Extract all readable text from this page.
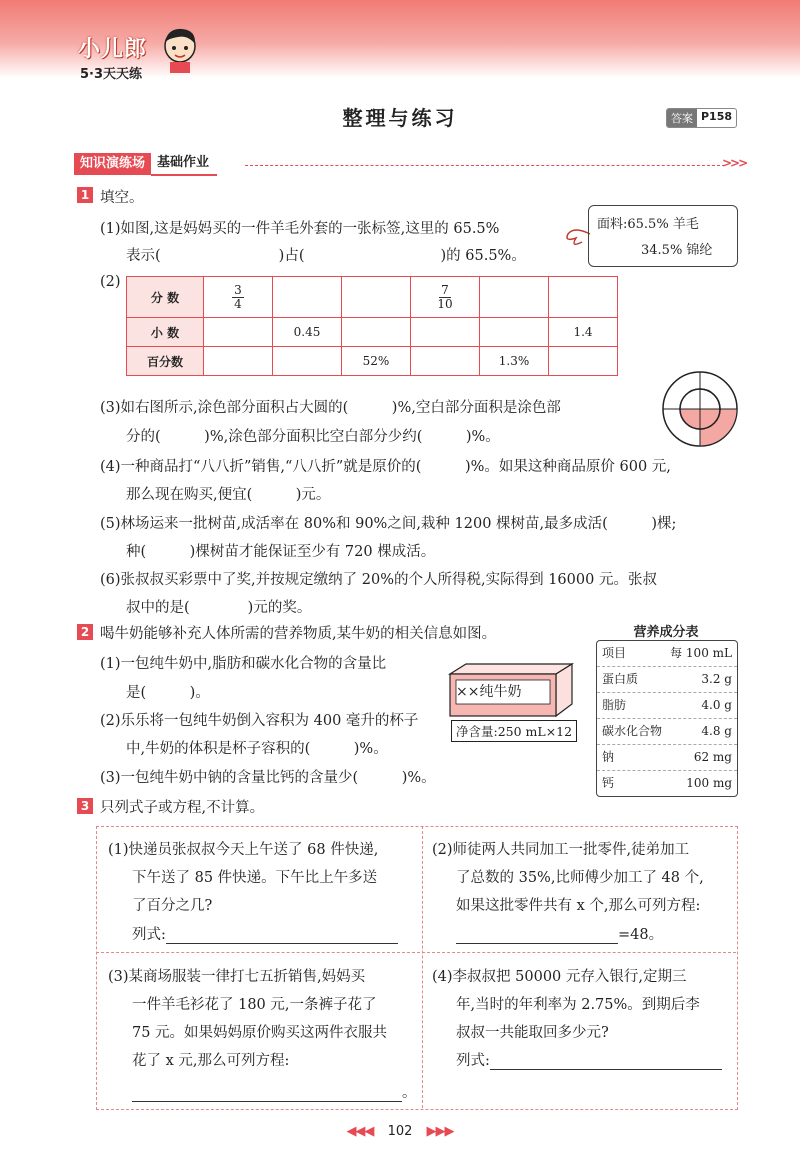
小儿郎
5·3天天练
整理与练习	答案 P158
知识演练场 基础作业	>>>
1 填空。
(1)如图,这是妈妈买的一件羊毛外套的一张标签,这里的 65.5%
表示(	)占(	)的 65.5%。
面料:65.5% 羊毛
34.5% 锦纶
(2)
分 数	$\frac{3}{4}$			$\frac{7}{10}$

小 数		0.45				1.4
百分数			52%		1.3%	
(3)如右图所示,涂色部分面积占大圆的(　　　)%,空白部分面积是涂色部
分的(　　　)%,涂色部分面积比空白部分少约(　　　)%。
(4)一种商品打“八八折”销售,“八八折”就是原价的(　　　)%。如果这种商品原价 600 元,
那么现在购买,便宜(　　　)元。
(5)林场运来一批树苗,成活率在 80%和 90%之间,栽种 1200 棵树苗,最多成活(　　　)棵;
种(　　　)棵树苗才能保证至少有 720 棵成活。
(6)张叔叔买彩票中了奖,并按规定缴纳了 20%的个人所得税,实际得到 16000 元。张叔
叔中的是(　　　　)元的奖。
2 喝牛奶能够补充人体所需的营养物质,某牛奶的相关信息如图。
(1)一包纯牛奶中,脂肪和碳水化合物的含量比
是(　　　)。
(2)乐乐将一包纯牛奶倒入容积为 400 毫升的杯子
中,牛奶的体积是杯子容积的(　　　)%。
(3)一包纯牛奶中钠的含量比钙的含量少(　　　)%。
××纯牛奶
净含量:250 mL×12
营养成分表
项目	每 100 mL
蛋白质	3.2 g
脂肪	4.0 g
碳水化合物	4.8 g
钠	62 mg
钙	100 mg
3 只列式子或方程,不计算。
(1)快递员张叔叔今天上午送了 68 件快递,
下午送了 85 件快递。下午比上午多送
了百分之几?
列式:
(2)师徒两人共同加工一批零件,徒弟加工
了总数的 35%,比师傅少加工了 48 个,
如果这批零件共有 x 个,那么可列方程:
=48。
(3)某商场服装一律打七五折销售,妈妈买
一件羊毛衫花了 180 元,一条裤子花了
75 元。如果妈妈原价购买这两件衣服共
花了 x 元,那么可列方程:
。
(4)李叔叔把 50000 元存入银行,定期三
年,当时的年利率为 2.75%。到期后李
叔叔一共能取回多少元?
列式:
◀◀◀ 102 ▶▶▶
